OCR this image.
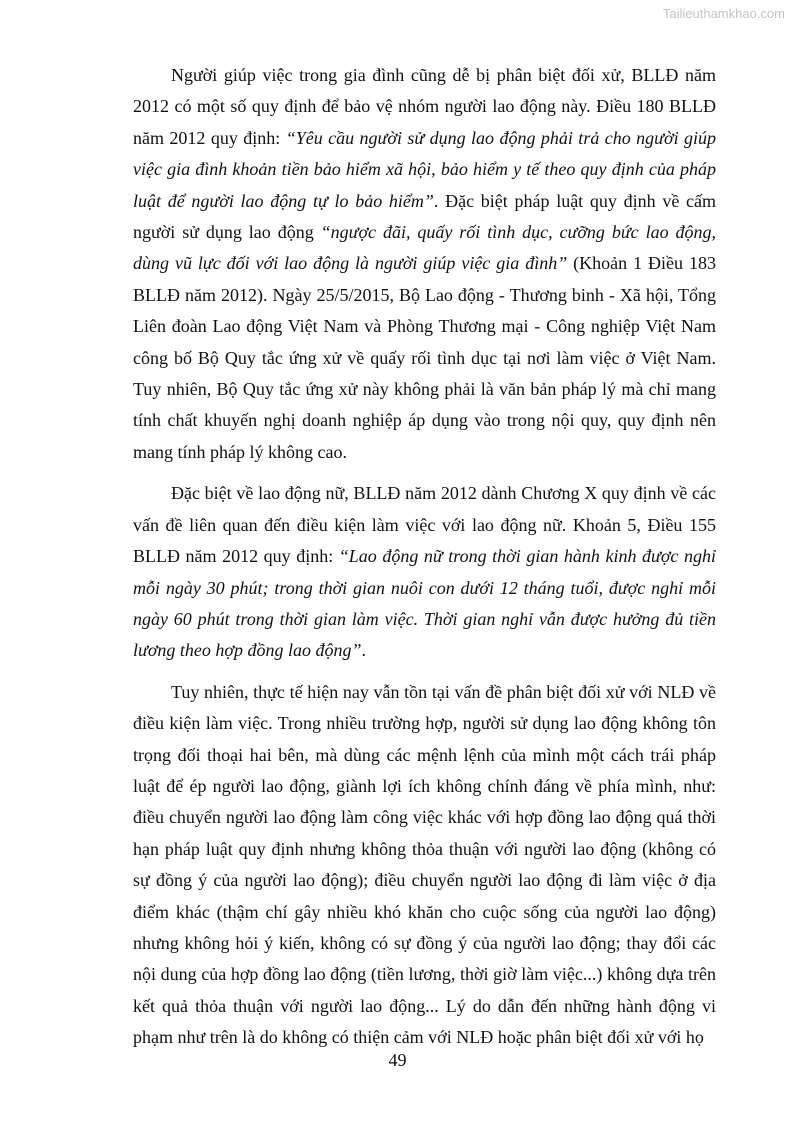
Tailieuthamkhao.com

Người giúp việc trong gia đình cũng dễ bị phân biệt đối xử, BLLĐ năm 2012 có một số quy định để bảo vệ nhóm người lao động này. Điều 180 BLLĐ năm 2012 quy định: “Yêu cầu người sử dụng lao động phải trả cho người giúp việc gia đình khoản tiền bảo hiểm xã hội, bảo hiểm y tế theo quy định của pháp luật để người lao động tự lo bảo hiểm”. Đặc biệt pháp luật quy định về cấm người sử dụng lao động “ngược đãi, quấy rối tình dục, cưỡng bức lao động, dùng vũ lực đối với lao động là người giúp việc gia đình” (Khoản 1 Điều 183 BLLĐ năm 2012). Ngày 25/5/2015, Bộ Lao động - Thương binh - Xã hội, Tổng Liên đoàn Lao động Việt Nam và Phòng Thương mại - Công nghiệp Việt Nam công bố Bộ Quy tắc ứng xử về quấy rối tình dục tại nơi làm việc ở Việt Nam. Tuy nhiên, Bộ Quy tắc ứng xử này không phải là văn bản pháp lý mà chỉ mang tính chất khuyến nghị doanh nghiệp áp dụng vào trong nội quy, quy định nên mang tính pháp lý không cao.

Đặc biệt về lao động nữ, BLLĐ năm 2012 dành Chương X quy định về các vấn đề liên quan đến điều kiện làm việc với lao động nữ. Khoản 5, Điều 155 BLLĐ năm 2012 quy định: “Lao động nữ trong thời gian hành kinh được nghỉ mỗi ngày 30 phút; trong thời gian nuôi con dưới 12 tháng tuổi, được nghỉ mỗi ngày 60 phút trong thời gian làm việc. Thời gian nghỉ vẫn được hưởng đủ tiền lương theo hợp đồng lao động”.

Tuy nhiên, thực tế hiện nay vẫn tồn tại vấn đề phân biệt đối xử với NLĐ về điều kiện làm việc. Trong nhiều trường hợp, người sử dụng lao động không tôn trọng đối thoại hai bên, mà dùng các mệnh lệnh của mình một cách trái pháp luật để ép người lao động, giành lợi ích không chính đáng về phía mình, như: điều chuyển người lao động làm công việc khác với hợp đồng lao động quá thời hạn pháp luật quy định nhưng không thỏa thuận với người lao động (không có sự đồng ý của người lao động); điều chuyển người lao động đi làm việc ở địa điểm khác (thậm chí gây nhiều khó khăn cho cuộc sống của người lao động) nhưng không hỏi ý kiến, không có sự đồng ý của người lao động; thay đổi các nội dung của hợp đồng lao động (tiền lương, thời giờ làm việc...) không dựa trên kết quả thỏa thuận với người lao động... Lý do dẫn đến những hành động vi phạm như trên là do không có thiện cảm với NLĐ hoặc phân biệt đối xử với họ

49
